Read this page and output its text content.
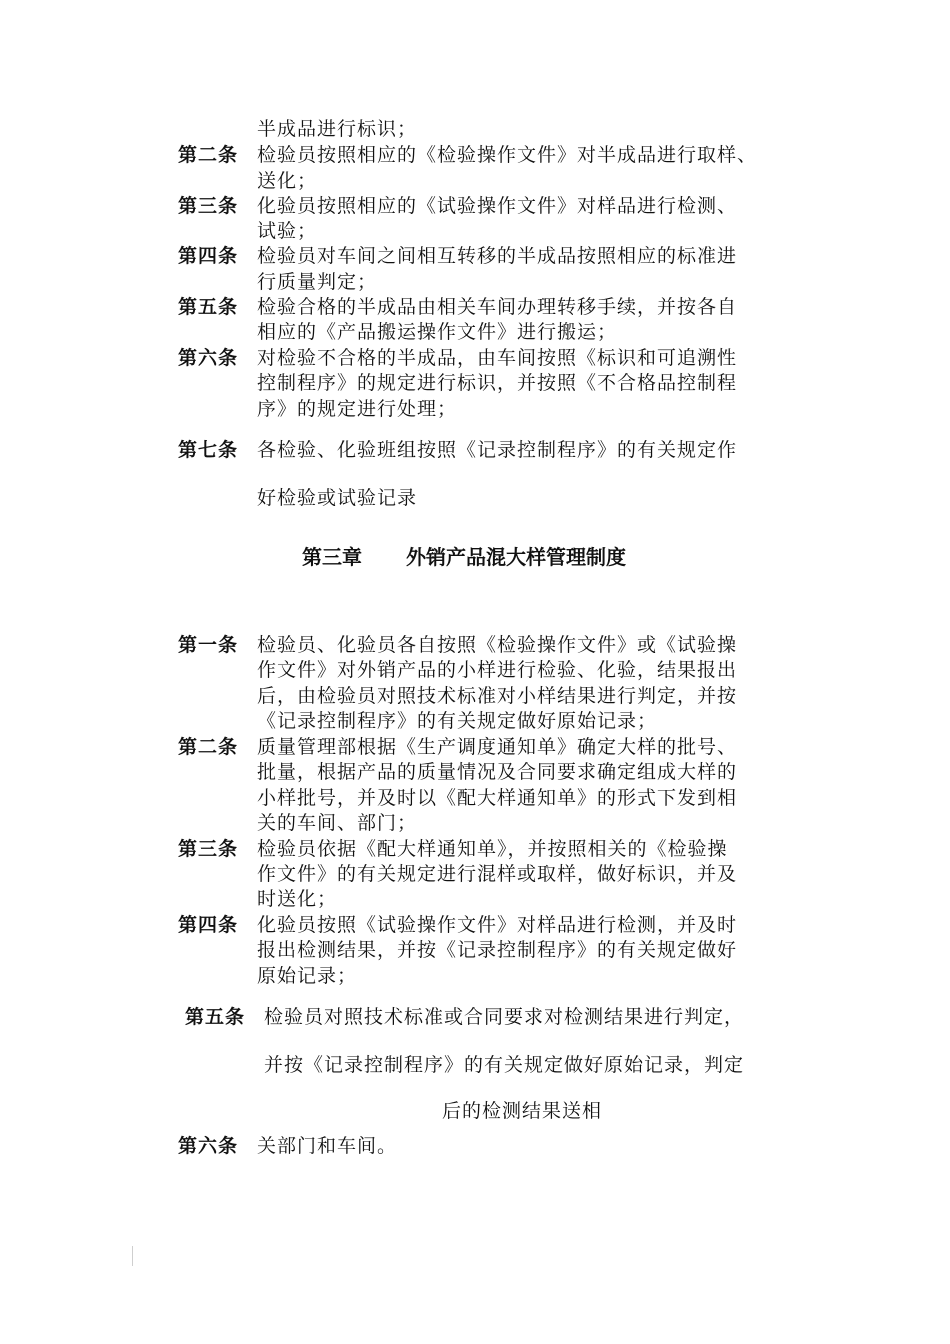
半成品进行标识；
第二条 检验员按照相应的《检验操作文件》对半成品进行取样、
送化；
第三条 化验员按照相应的《试验操作文件》对样品进行检测、
试验；
第四条 检验员对车间之间相互转移的半成品按照相应的标准进
行质量判定；
第五条 检验合格的半成品由相关车间办理转移手续，并按各自
相应的《产品搬运操作文件》进行搬运；
第六条 对检验不合格的半成品，由车间按照《标识和可追溯性
控制程序》的规定进行标识，并按照《不合格品控制程
序》的规定进行处理；
第七条 各检验、化验班组按照《记录控制程序》的有关规定作
好检验或试验记录
第三章 外销产品混大样管理制度
第一条 检验员、化验员各自按照《检验操作文件》或《试验操
作文件》对外销产品的小样进行检验、化验，结果报出
后，由检验员对照技术标准对小样结果进行判定，并按
《记录控制程序》的有关规定做好原始记录；
第二条 质量管理部根据《生产调度通知单》确定大样的批号、
批量，根据产品的质量情况及合同要求确定组成大样的
小样批号，并及时以《配大样通知单》的形式下发到相
关的车间、部门；
第三条 检验员依据《配大样通知单》，并按照相关的《检验操
作文件》的有关规定进行混样或取样，做好标识，并及
时送化；
第四条 化验员按照《试验操作文件》对样品进行检测，并及时
报出检测结果，并按《记录控制程序》的有关规定做好
原始记录；
第五条 检验员对照技术标准或合同要求对检测结果进行判定，
并按《记录控制程序》的有关规定做好原始记录，判定
后的检测结果送相
第六条 关部门和车间。
